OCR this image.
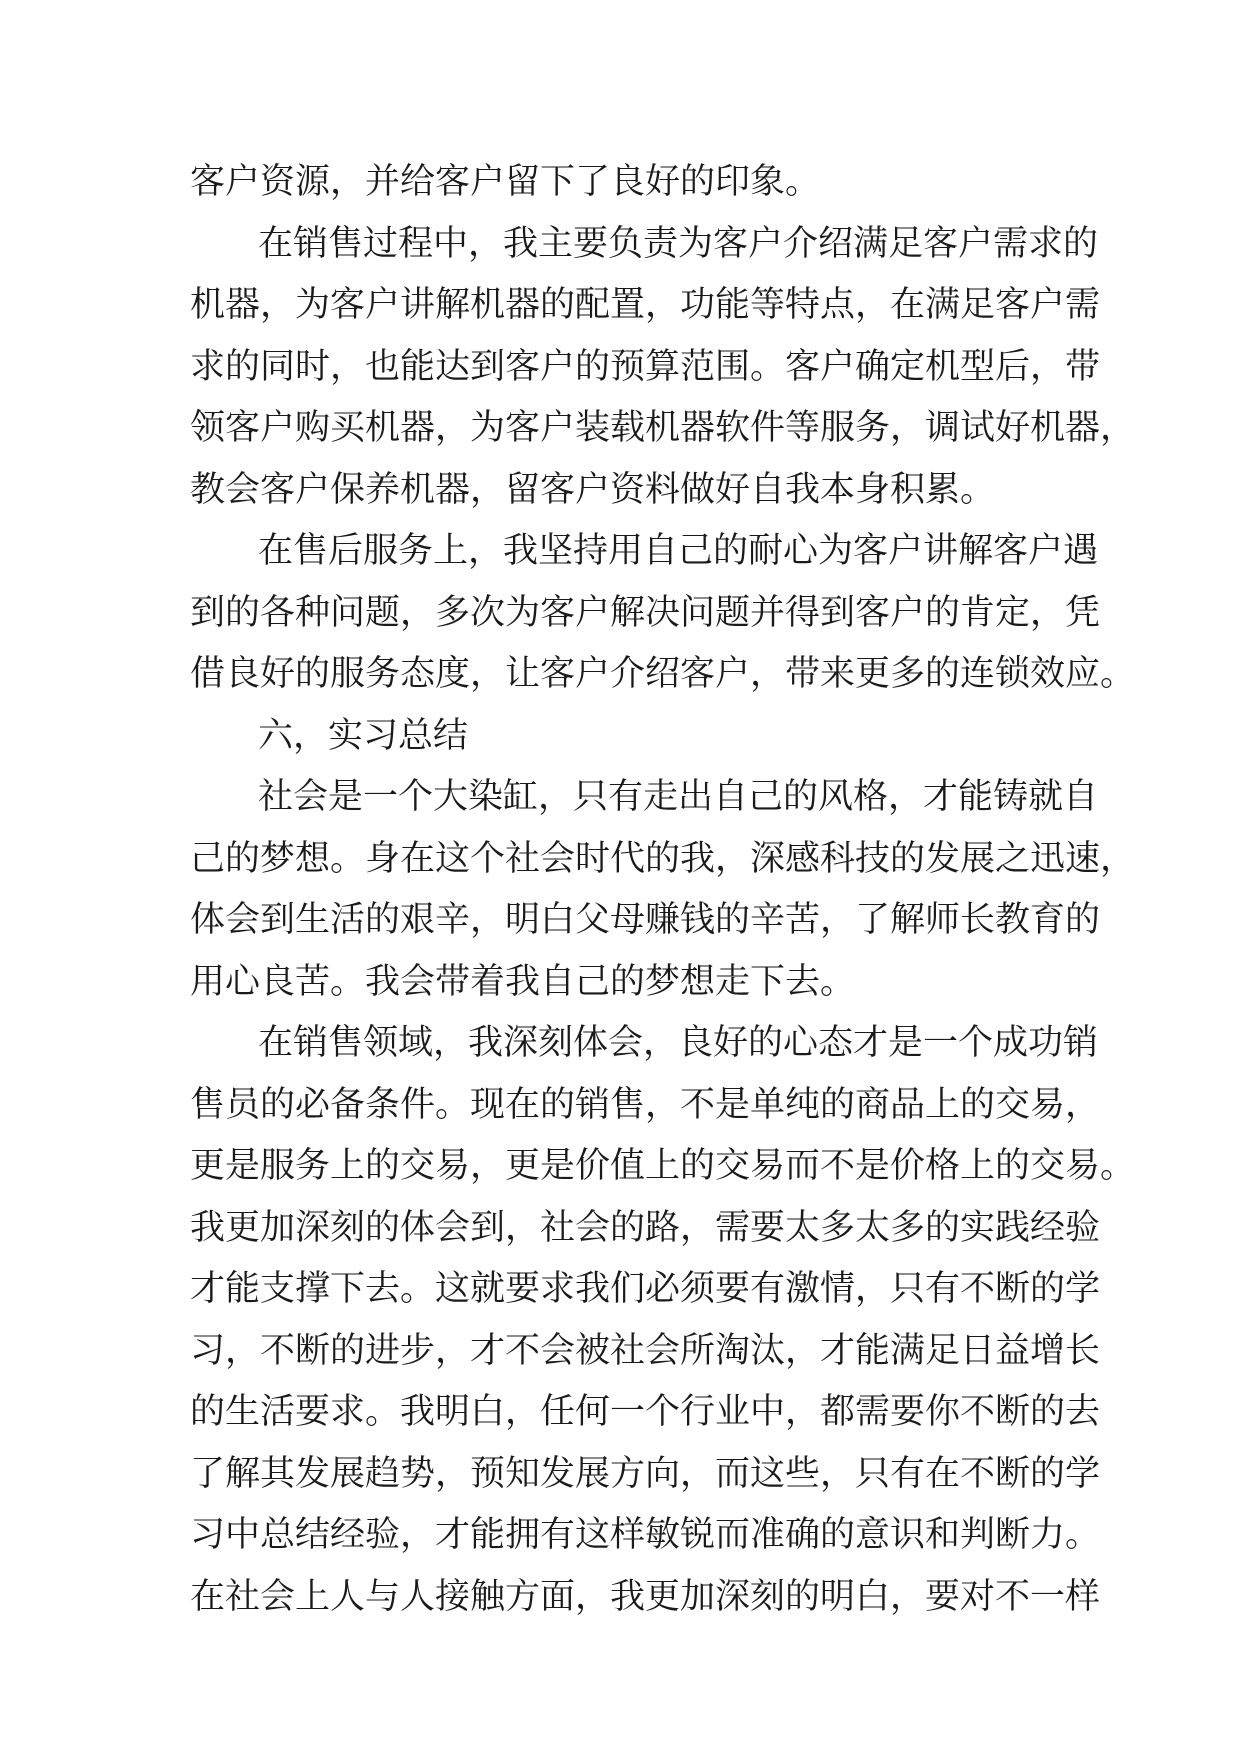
客户资源，并给客户留下了良好的印象。
在销售过程中，我主要负责为客户介绍满足客户需求的
机器，为客户讲解机器的配置，功能等特点，在满足客户需
求的同时，也能达到客户的预算范围。客户确定机型后，带
领客户购买机器，为客户装载机器软件等服务，调试好机器，
教会客户保养机器，留客户资料做好自我本身积累。
在售后服务上，我坚持用自己的耐心为客户讲解客户遇
到的各种问题，多次为客户解决问题并得到客户的肯定，凭
借良好的服务态度，让客户介绍客户，带来更多的连锁效应。
六，实习总结
社会是一个大染缸，只有走出自己的风格，才能铸就自
己的梦想。身在这个社会时代的我，深感科技的发展之迅速，
体会到生活的艰辛，明白父母赚钱的辛苦，了解师长教育的
用心良苦。我会带着我自己的梦想走下去。
在销售领域，我深刻体会，良好的心态才是一个成功销
售员的必备条件。现在的销售，不是单纯的商品上的交易，
更是服务上的交易，更是价值上的交易而不是价格上的交易。
我更加深刻的体会到，社会的路，需要太多太多的实践经验
才能支撑下去。这就要求我们必须要有激情，只有不断的学
习，不断的进步，才不会被社会所淘汰，才能满足日益增长
的生活要求。我明白，任何一个行业中，都需要你不断的去
了解其发展趋势，预知发展方向，而这些，只有在不断的学
习中总结经验，才能拥有这样敏锐而准确的意识和判断力。
在社会上人与人接触方面，我更加深刻的明白，要对不一样
